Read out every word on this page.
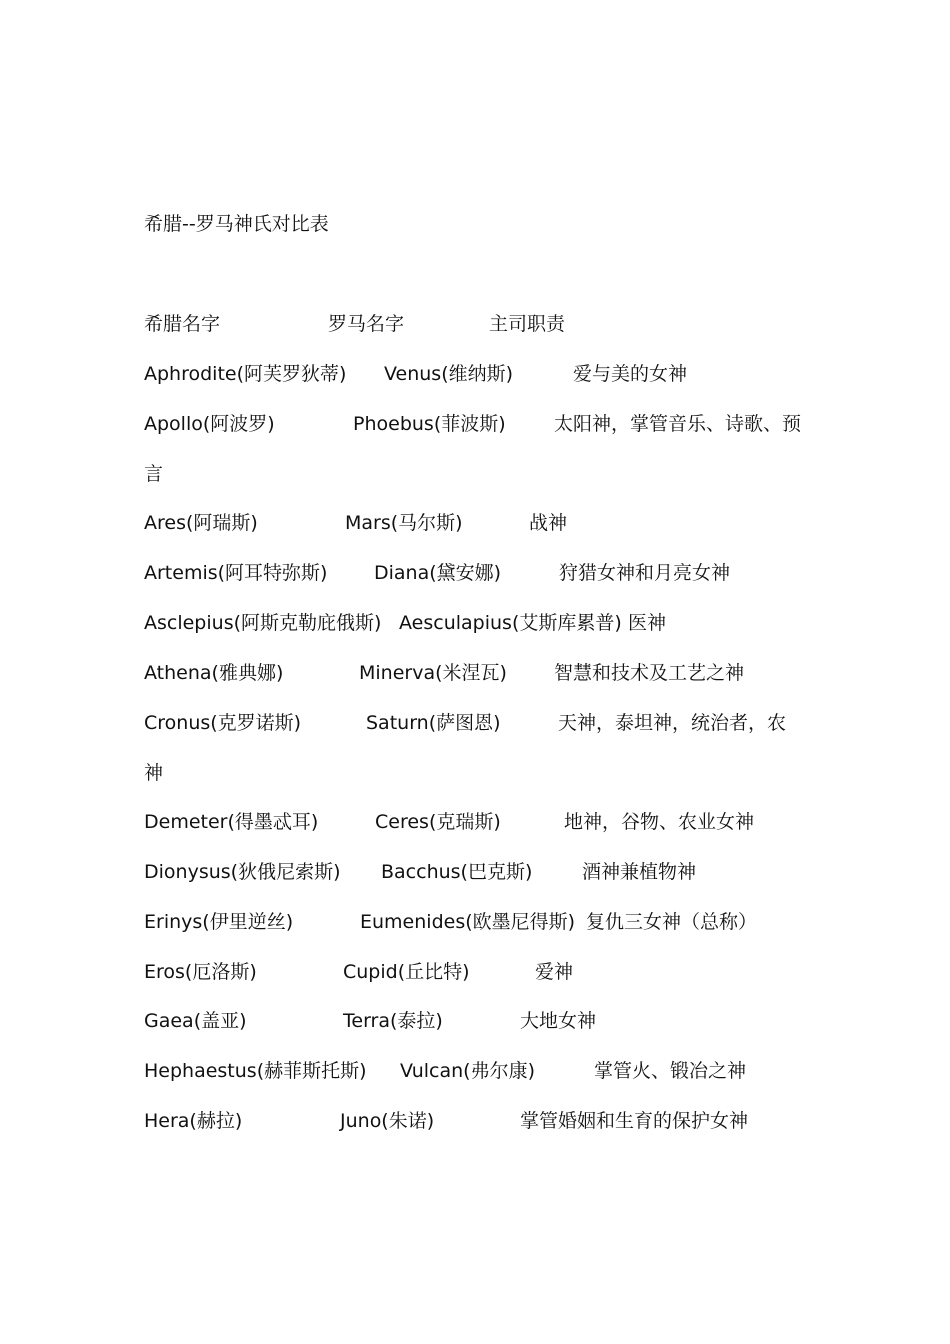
希腊--罗马神氏对比表
希腊名字	罗马名字	主司职责
Aphrodite(阿芙罗狄蒂) Venus(维纳斯)	爱与美的女神
Apollo(阿波罗)	Phoebus(菲波斯)	太阳神，掌管音乐、诗歌、预
言
Ares(阿瑞斯)	Mars(马尔斯)	战神
Artemis(阿耳特弥斯) Diana(黛安娜)	狩猎女神和月亮女神
Asclepius(阿斯克勒庇俄斯) Aesculapius(艾斯库累普) 医神
Athena(雅典娜)	Minerva(米涅瓦) 智慧和技术及工艺之神
Cronus(克罗诺斯)	Saturn(萨图恩)	天神，泰坦神，统治者，农
神
Demeter(得墨忒耳)	Ceres(克瑞斯)	地神，谷物、农业女神
Dionysus(狄俄尼索斯) Bacchus(巴克斯)	酒神兼植物神
Erinys(伊里逆丝)	Eumenides(欧墨尼得斯) 复仇三女神（总称）
Eros(厄洛斯)	Cupid(丘比特)	爱神
Gaea(盖亚)	Terra(泰拉)	大地女神
Hephaestus(赫菲斯托斯) Vulcan(弗尔康)	掌管火、锻冶之神
Hera(赫拉)	Juno(朱诺)	掌管婚姻和生育的保护女神
